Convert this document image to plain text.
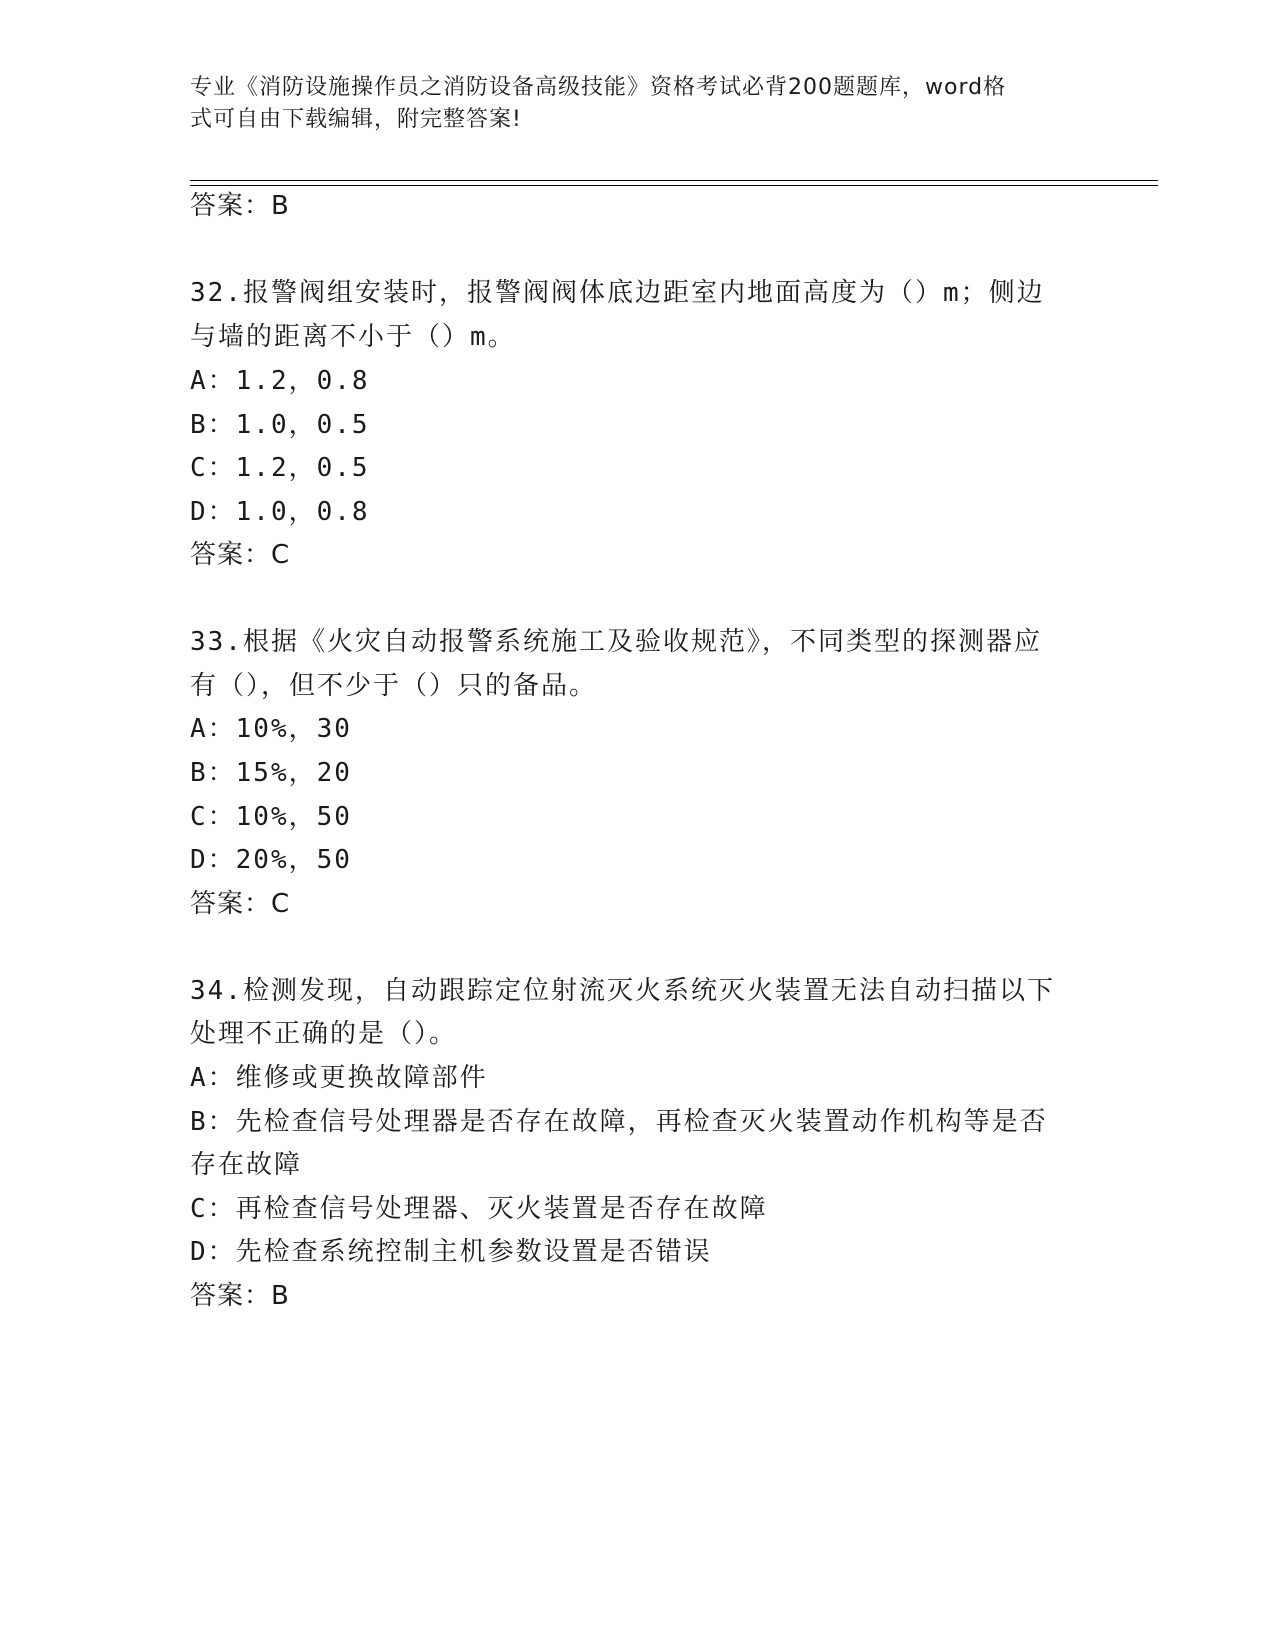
专业《消防设施操作员之消防设备高级技能》资格考试必背200题题库，word格
式可自由下载编辑，附完整答案!
答案：B
32.报警阀组安装时，报警阀阀体底边距室内地面高度为（）m；侧边
与墙的距离不小于（）m。
A：1.2，0.8
B：1.0，0.5
C：1.2，0.5
D：1.0，0.8
答案：C
33.根据《火灾自动报警系统施工及验收规范》，不同类型的探测器应
有（），但不少于（）只的备品。
A：10%，30
B：15%，20
C：10%，50
D：20%，50
答案：C
34.检测发现，自动跟踪定位射流灭火系统灭火装置无法自动扫描以下
处理不正确的是（）。
A：维修或更换故障部件
B：先检查信号处理器是否存在故障，再检查灭火装置动作机构等是否
存在故障
C：再检查信号处理器、灭火装置是否存在故障
D：先检查系统控制主机参数设置是否错误
答案：B
